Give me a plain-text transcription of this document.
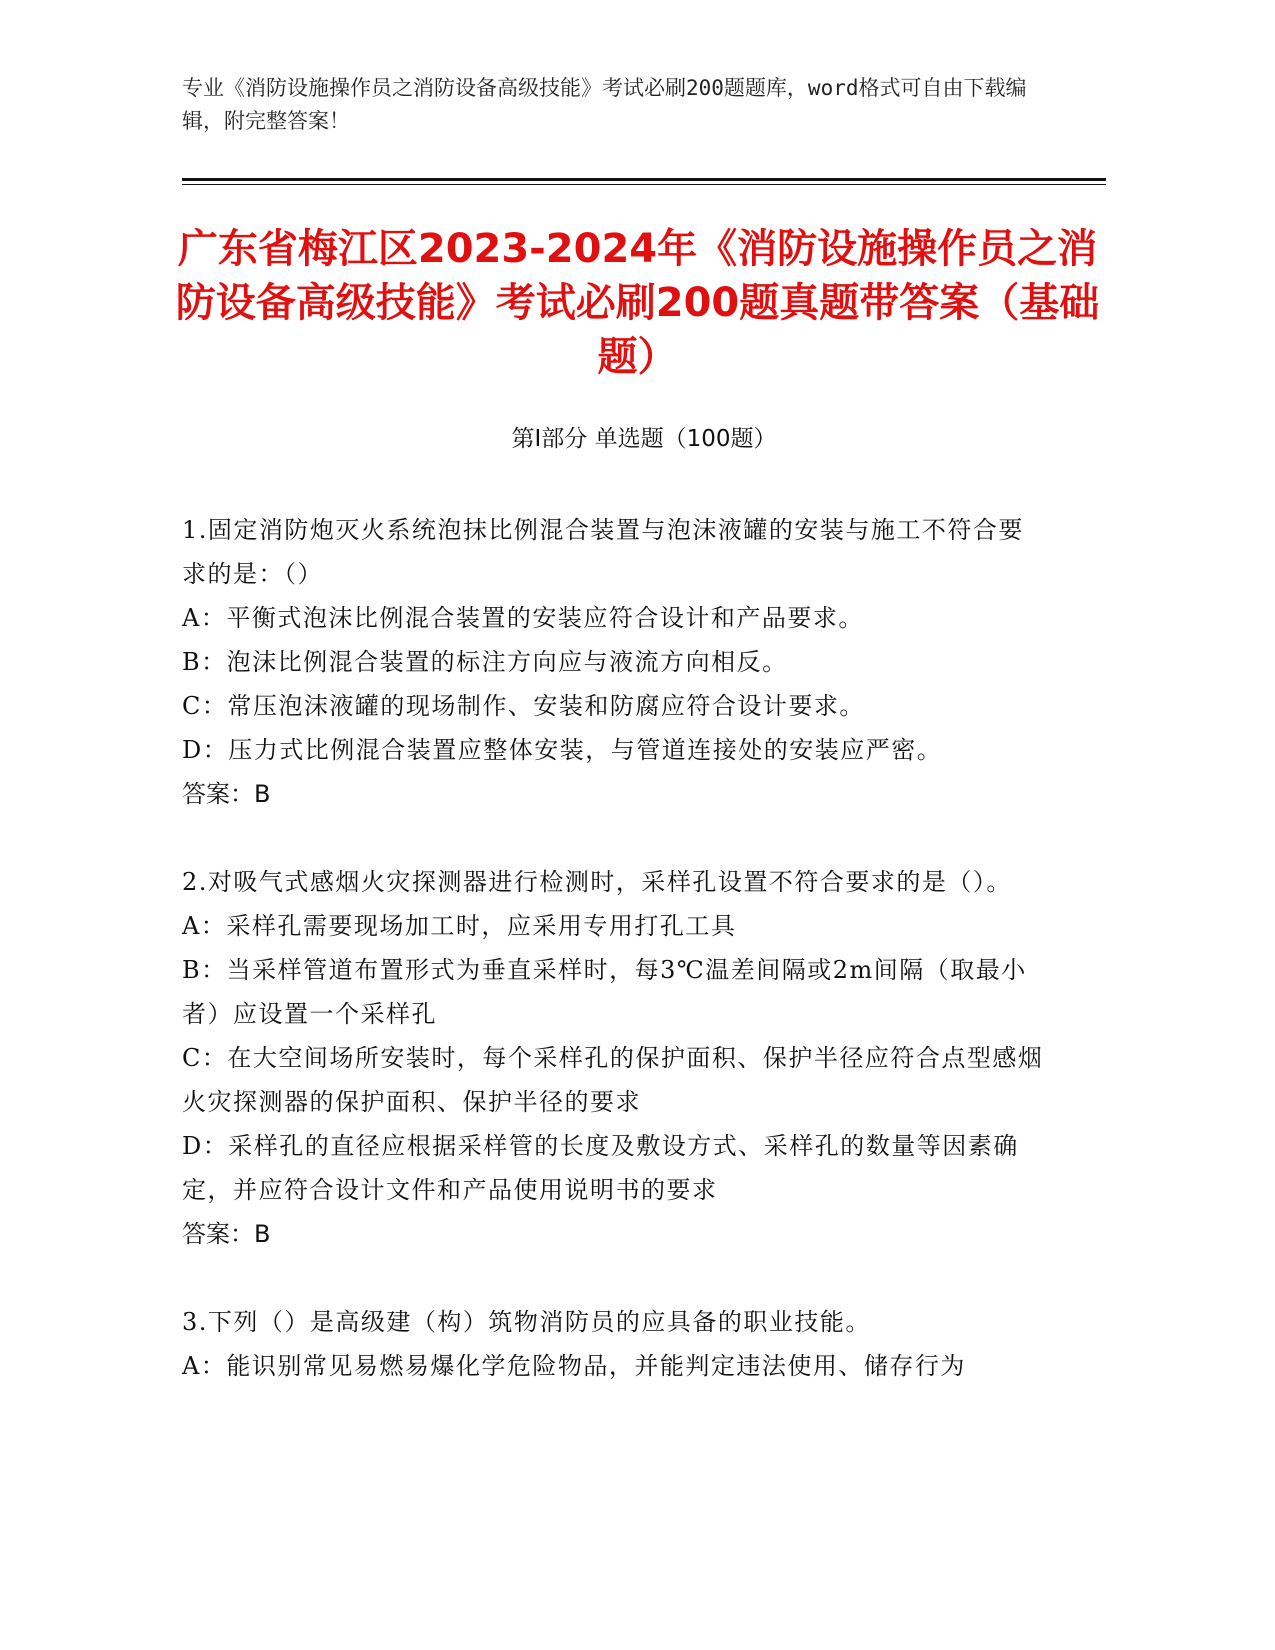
专业《消防设施操作员之消防设备高级技能》考试必刷200题题库，word格式可自由下载编辑，附完整答案！
广东省梅江区2023-2024年《消防设施操作员之消防设备高级技能》考试必刷200题真题带答案（基础题）
第Ⅰ部分 单选题（100题）
1.固定消防炮灭火系统泡抹比例混合装置与泡沫液罐的安装与施工不符合要求的是：（）
A：平衡式泡沫比例混合装置的安装应符合设计和产品要求。
B：泡沫比例混合装置的标注方向应与液流方向相反。
C：常压泡沫液罐的现场制作、安装和防腐应符合设计要求。
D：压力式比例混合装置应整体安装，与管道连接处的安装应严密。
答案：B
2.对吸气式感烟火灾探测器进行检测时，采样孔设置不符合要求的是（）。
A：采样孔需要现场加工时，应采用专用打孔工具
B：当采样管道布置形式为垂直采样时，每3℃温差间隔或2m间隔（取最小者）应设置一个采样孔
C：在大空间场所安装时，每个采样孔的保护面积、保护半径应符合点型感烟火灾探测器的保护面积、保护半径的要求
D：采样孔的直径应根据采样管的长度及敷设方式、采样孔的数量等因素确定，并应符合设计文件和产品使用说明书的要求
答案：B
3.下列（）是高级建（构）筑物消防员的应具备的职业技能。
A：能识别常见易燃易爆化学危险物品，并能判定违法使用、储存行为
